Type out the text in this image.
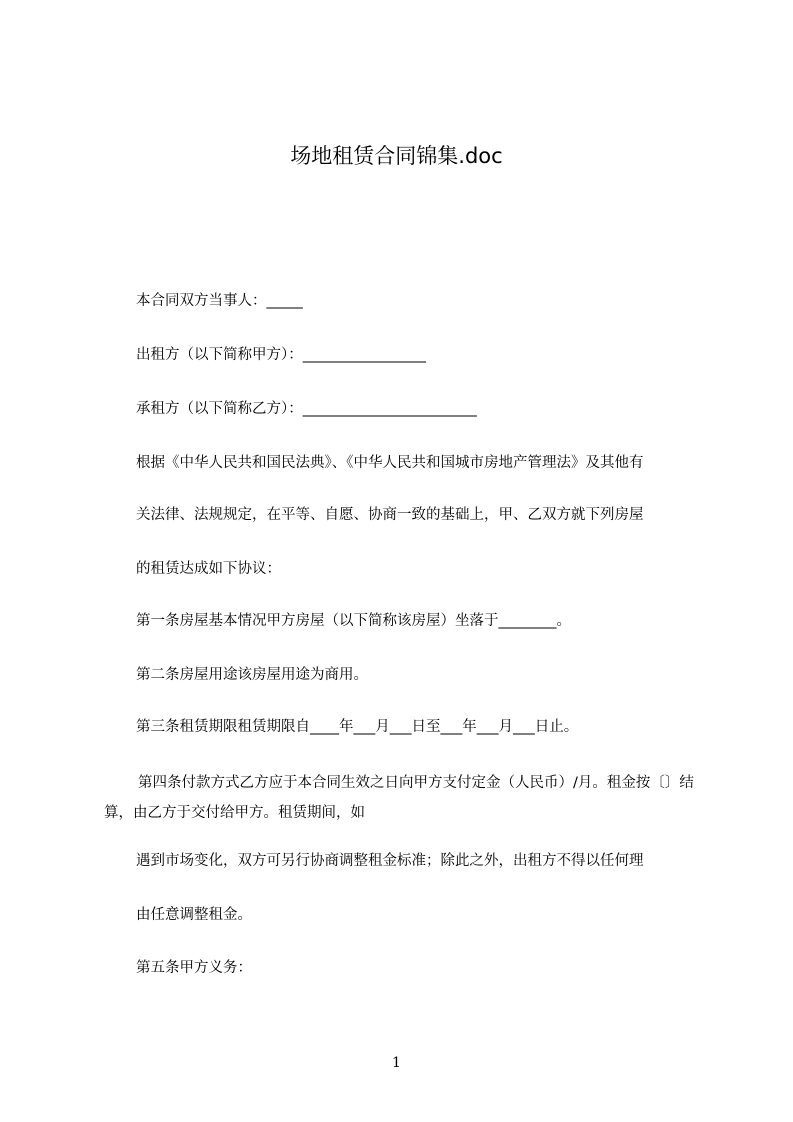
场地租赁合同锦集.doc

本合同双方当事人：_____

出租方（以下简称甲方）：_________________

承租方（以下简称乙方）：________________________

根据《中华人民共和国民法典》、《中华人民共和国城市房地产管理法》及其他有

关法律、法规规定，在平等、自愿、协商一致的基础上，甲、乙双方就下列房屋

的租赁达成如下协议：

第一条房屋基本情况甲方房屋（以下简称该房屋）坐落于________。

第二条房屋用途该房屋用途为商用。

第三条租赁期限租赁期限自____年___月___日至___年___月___日止。

第四条付款方式乙方应于本合同生效之日向甲方支付定金（人民币）/月。租金按〔〕结算，由乙方于交付给甲方。租赁期间，如

遇到市场变化，双方可另行协商调整租金标准；除此之外，出租方不得以任何理

由任意调整租金。

第五条甲方义务：

1
